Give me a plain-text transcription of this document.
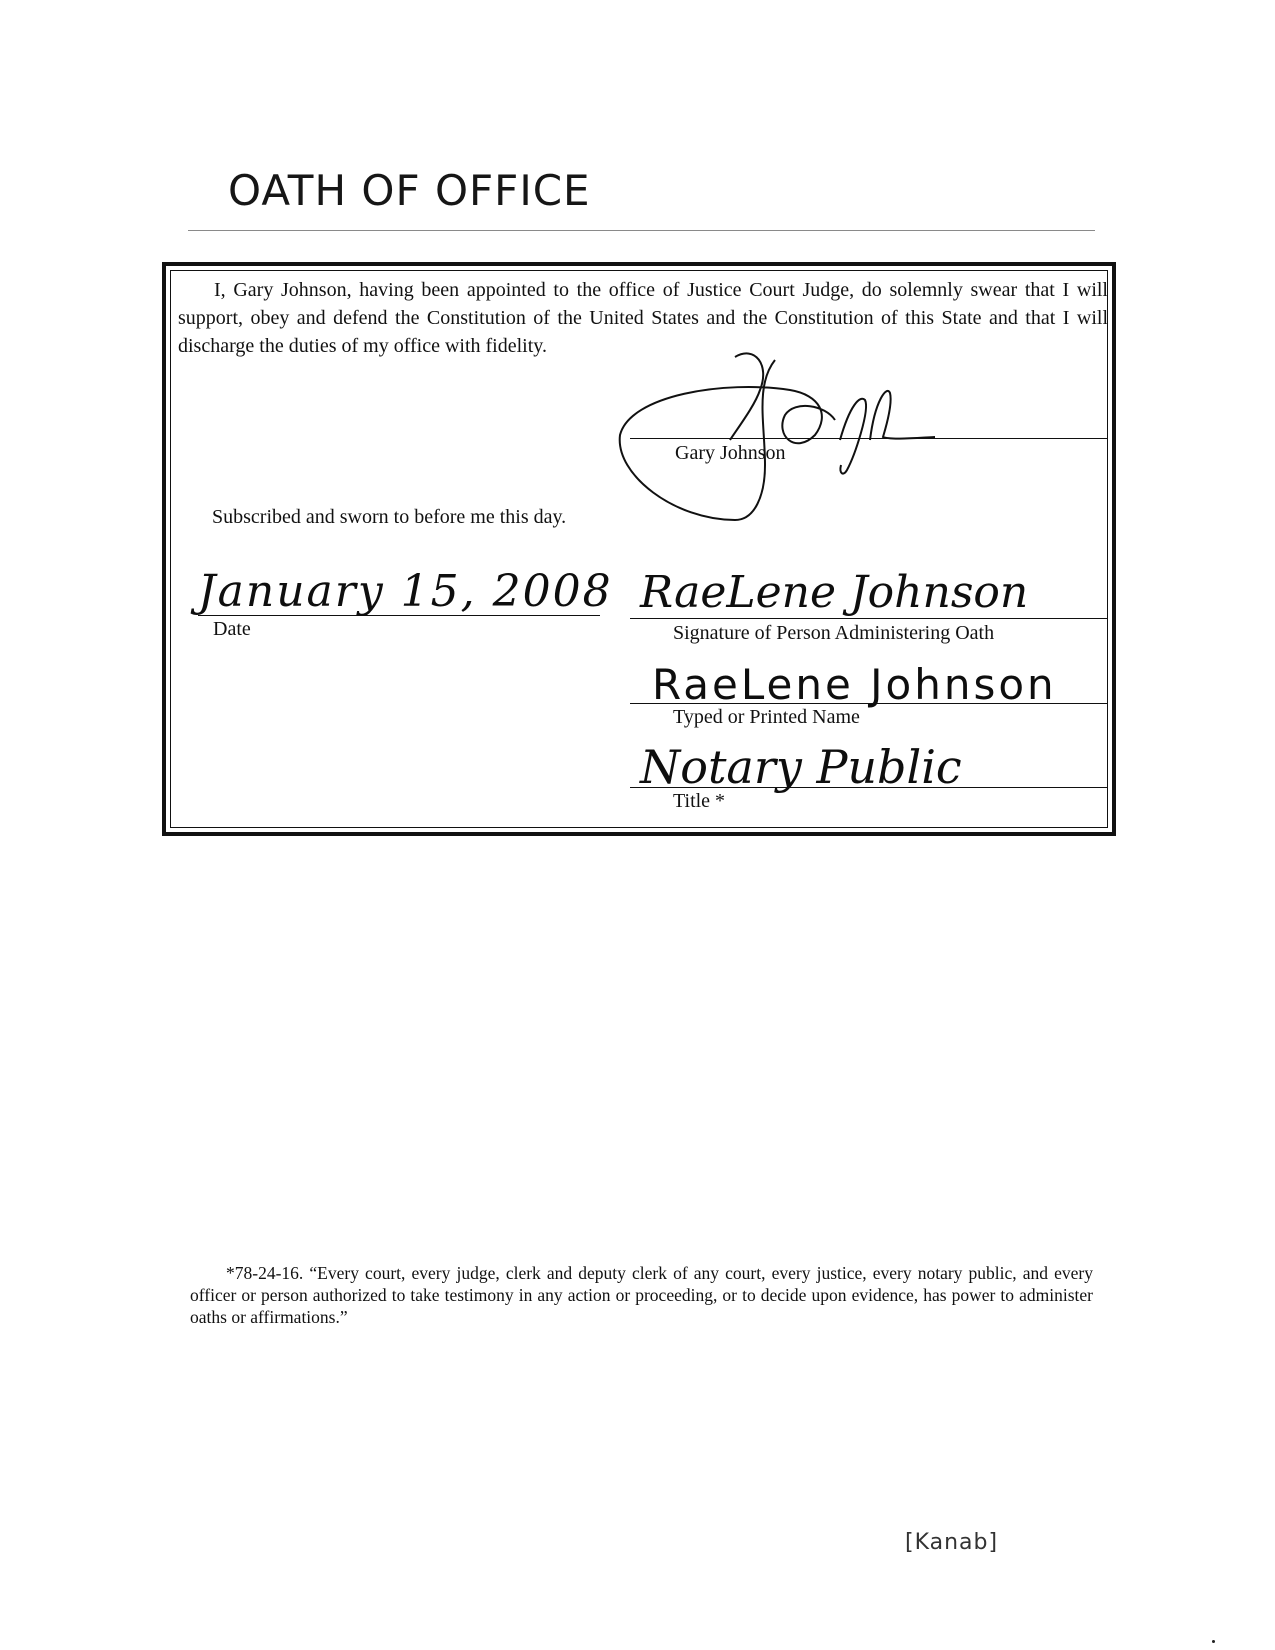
OATH OF OFFICE

I, Gary Johnson, having been appointed to the office of Justice Court Judge, do solemnly swear that I will support, obey and defend the Constitution of the United States and the Constitution of this State and that I will discharge the duties of my office with fidelity.

Gary Johnson
Subscribed and sworn to before me this day.
Date
January 15, 2008
Signature of Person Administering Oath
RaeLene Johnson
Typed or Printed Name
RaeLene Johnson
Title *
Notary Public

*78-24-16. “Every court, every judge, clerk and deputy clerk of any court, every justice, every notary public, and every officer or person authorized to take testimony in any action or proceeding, or to decide upon evidence, has power to administer oaths or affirmations.”

[Kanab]
